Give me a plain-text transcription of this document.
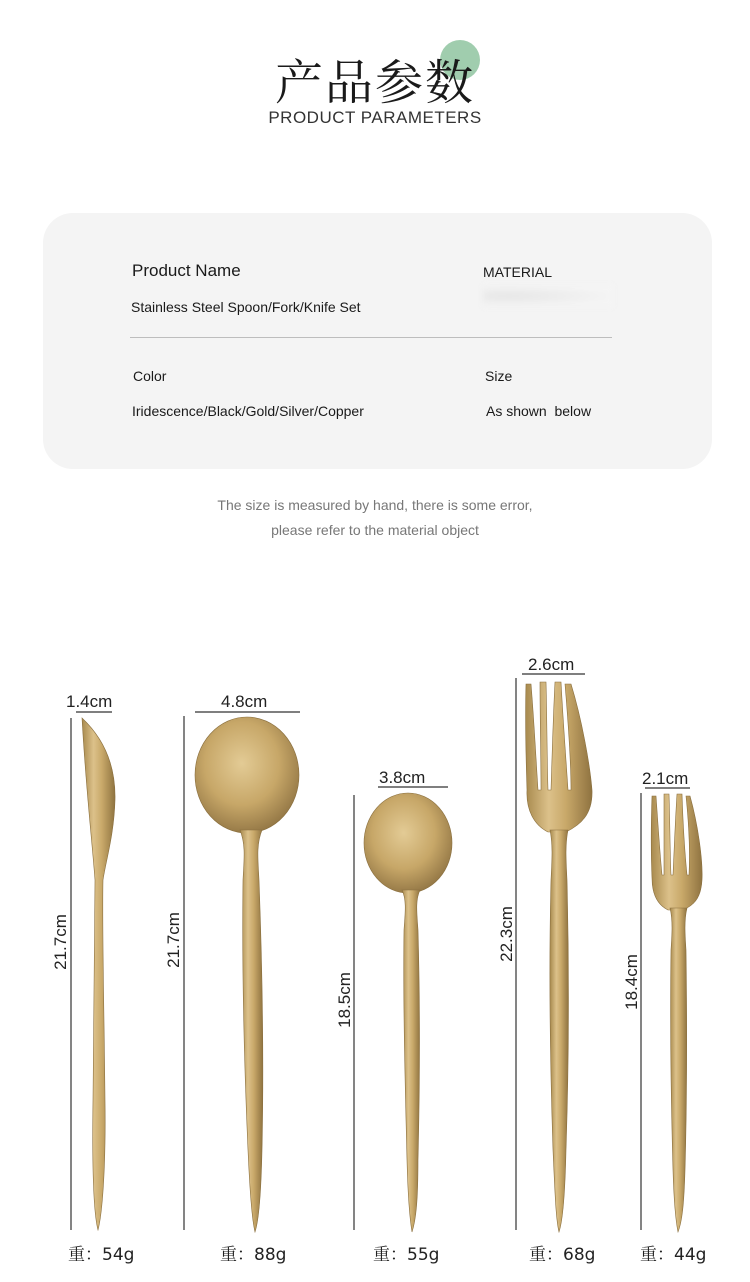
产品参数
PRODUCT PARAMETERS
Product Name
Stainless Steel Spoon/Fork/Knife Set
MATERIAL
Color
Iridescence/Black/Gold/Silver/Copper
Size
As shown  below
The size is measured by hand, there is some error,
please refer to the material object
1.4cm	4.8cm
3.8cm
2.6cm
2.1cm
21.7cm	21.7cm
18.5cm
22.3cm
18.4cm
重：54g	重：88g	重：55g	重：68g	重：44g
